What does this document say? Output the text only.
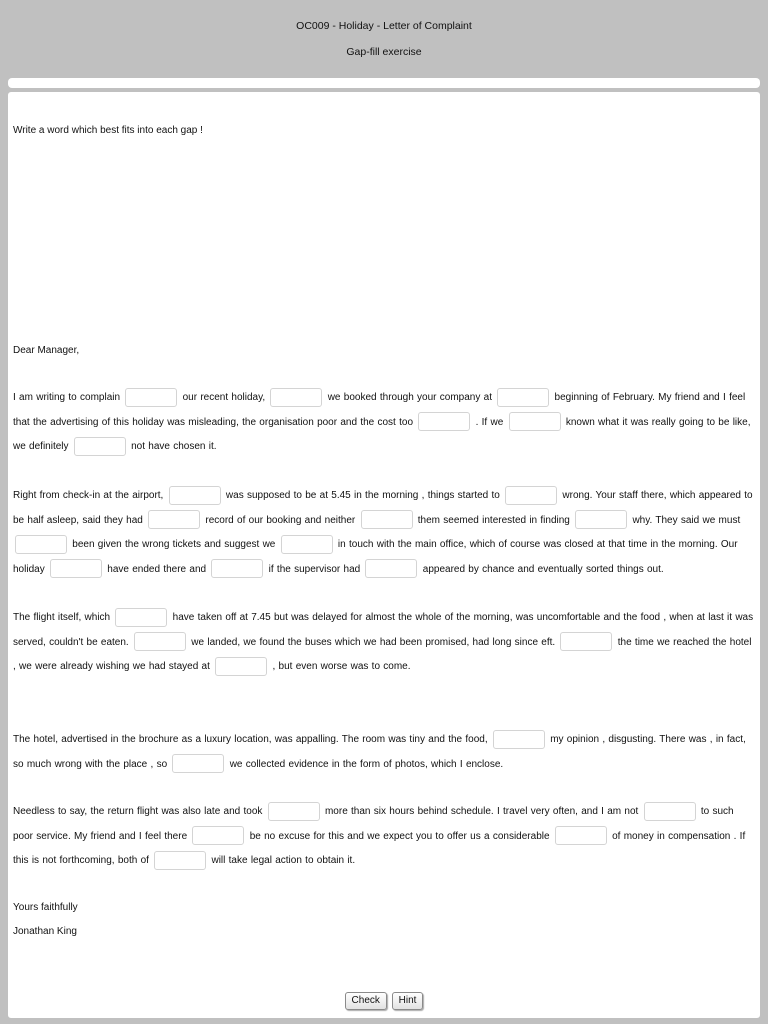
OC009 - Holiday - Letter of Complaint
Gap-fill exercise
Write a word which best fits into each gap !
Dear Manager,

I am writing to complain	our recent holiday,	we booked through your company at	beginning of February. My friend and I feel that the advertising of this holiday was misleading, the organisation poor and the cost too	. If we	known what it was really going to be like, we definitely	not have chosen it.

Right from check-in at the airport,	was supposed to be at 5.45 in the morning , things started to	wrong. Your staff there, which appeared to be half asleep, said they had	record of our booking and neither	them seemed interested in finding	why. They said we must  been given the wrong tickets and suggest we	in touch with the main office, which of course was closed at that time in the morning. Our holiday	have ended there and	if the supervisor had	appeared by chance and eventually sorted things out.

The flight itself, which	have taken off at 7.45 but was delayed for almost the whole of the morning, was uncomfortable and the food , when at last it was served, couldn't be eaten.	we landed, we found the buses which we had been promised, had long since eft.	the time we reached the hotel , we were already wishing we had stayed at	, but even worse was to come.

The hotel, advertised in the brochure as a luxury location, was appalling. The room was tiny and the food,	my opinion , disgusting. There was , in fact, so much wrong with the place , so	we collected evidence in the form of photos, which I enclose.

Needless to say, the return flight was also late and took	more than six hours behind schedule. I travel very often, and I am not	to such poor service. My friend and I feel there	be no excuse for this and we expect you to offer us a considerable	of money in compensation . If this is not forthcoming, both of	will take legal action to obtain it.

Yours faithfully
Jonathan King
Check Hint
